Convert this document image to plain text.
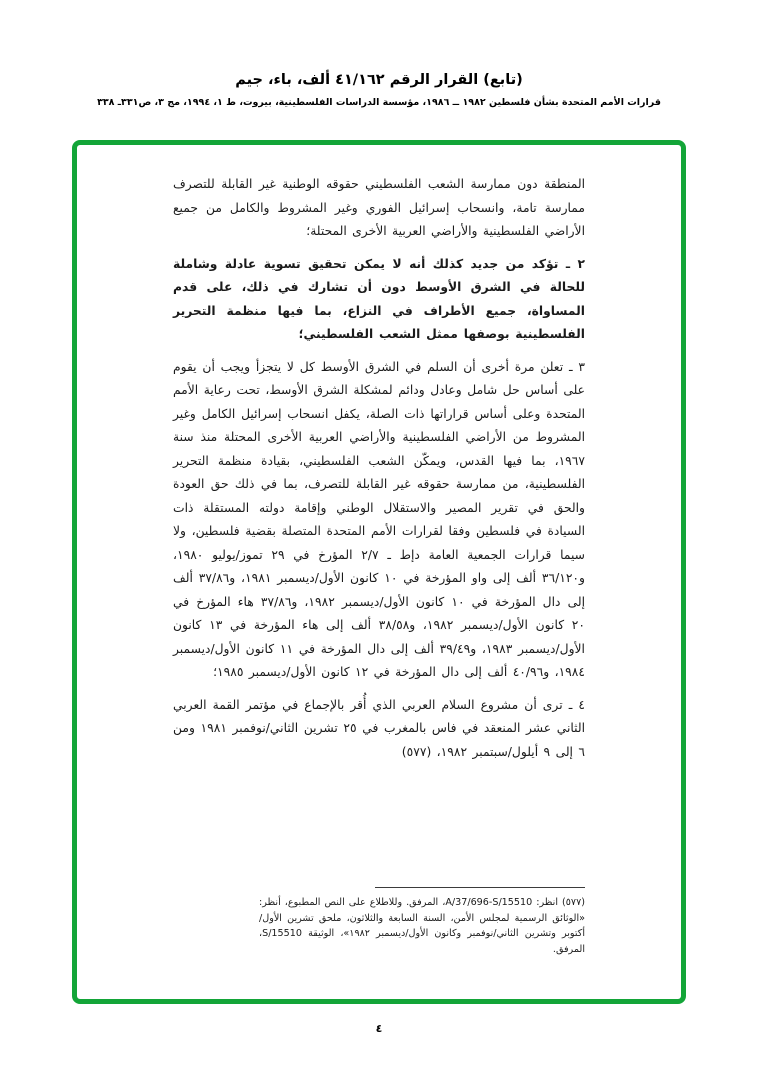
(تابع) القرار الرقم ٤١/١٦٢ ألف، باء، جيم
قرارات الأمم المتحدة بشأن فلسطين ١٩٨٢ ــ ١٩٨٦، مؤسسة الدراسات الفلسطينية، بيروت، ط ١، ١٩٩٤، مج ٣، ص٣٣١ـ ٣٣٨

المنطقة دون ممارسة الشعب الفلسطيني حقوقه الوطنية غير القابلة للتصرف ممارسة تامة، وانسحاب إسرائيل الفوري وغير المشروط والكامل من جميع الأراضي الفلسطينية والأراضي العربية الأخرى المحتلة؛

٢ ـ تؤكد من جديد كذلك أنه لا يمكن تحقيق تسوية عادلة وشاملة للحالة في الشرق الأوسط دون أن تشارك في ذلك، على قدم المساواة، جميع الأطراف في النزاع، بما فيها منظمة التحرير الفلسطينية بوصفها ممثل الشعب الفلسطيني؛

٣ ـ تعلن مرة أخرى أن السلم في الشرق الأوسط كل لا يتجزأ ويجب أن يقوم على أساس حل شامل وعادل ودائم لمشكلة الشرق الأوسط، تحت رعاية الأمم المتحدة وعلى أساس قراراتها ذات الصلة، يكفل انسحاب إسرائيل الكامل وغير المشروط من الأراضي الفلسطينية والأراضي العربية الأخرى المحتلة منذ سنة ١٩٦٧، بما فيها القدس، ويمكّن الشعب الفلسطيني، بقيادة منظمة التحرير الفلسطينية، من ممارسة حقوقه غير القابلة للتصرف، بما في ذلك حق العودة والحق في تقرير المصير والاستقلال الوطني وإقامة دولته المستقلة ذات السيادة في فلسطين وفقا لقرارات الأمم المتحدة المتصلة بقضية فلسطين، ولا سيما قرارات الجمعية العامة دإط ـ ٢/٧ المؤرخ في ٢٩ تموز/يوليو ١٩٨٠، و٣٦/١٢٠ ألف إلى واو المؤرخة في ١٠ كانون الأول/ديسمبر ١٩٨١، و٣٧/٨٦ ألف إلى دال المؤرخة في ١٠ كانون الأول/ديسمبر ١٩٨٢، و٣٧/٨٦ هاء المؤرخ في ٢٠ كانون الأول/ديسمبر ١٩٨٢، و٣٨/٥٨ ألف إلى هاء المؤرخة في ١٣ كانون الأول/ديسمبر ١٩٨٣، و٣٩/٤٩ ألف إلى دال المؤرخة في ١١ كانون الأول/ديسمبر ١٩٨٤، و٤٠/٩٦ ألف إلى دال المؤرخة في ١٢ كانون الأول/ديسمبر ١٩٨٥؛

٤ ـ ترى أن مشروع السلام العربي الذي أُقر بالإجماع في مؤتمر القمة العربي الثاني عشر المنعقد في فاس بالمغرب في ٢٥ تشرين الثاني/نوفمبر ١٩٨١ ومن ٦ إلى ٩ أيلول/سبتمبر ١٩٨٢، (٥٧٧)

(٥٧٧) انظر: A/37/696-S/15510، المرفق. وللاطلاع على النص المطبوع، أنظر: «الوثائق الرسمية لمجلس الأمن، السنة السابعة والثلاثون، ملحق تشرين الأول/أكتوبر وتشرين الثاني/نوفمبر وكانون الأول/ديسمبر ١٩٨٢»، الوثيقة S/15510، المرفق.
٤
